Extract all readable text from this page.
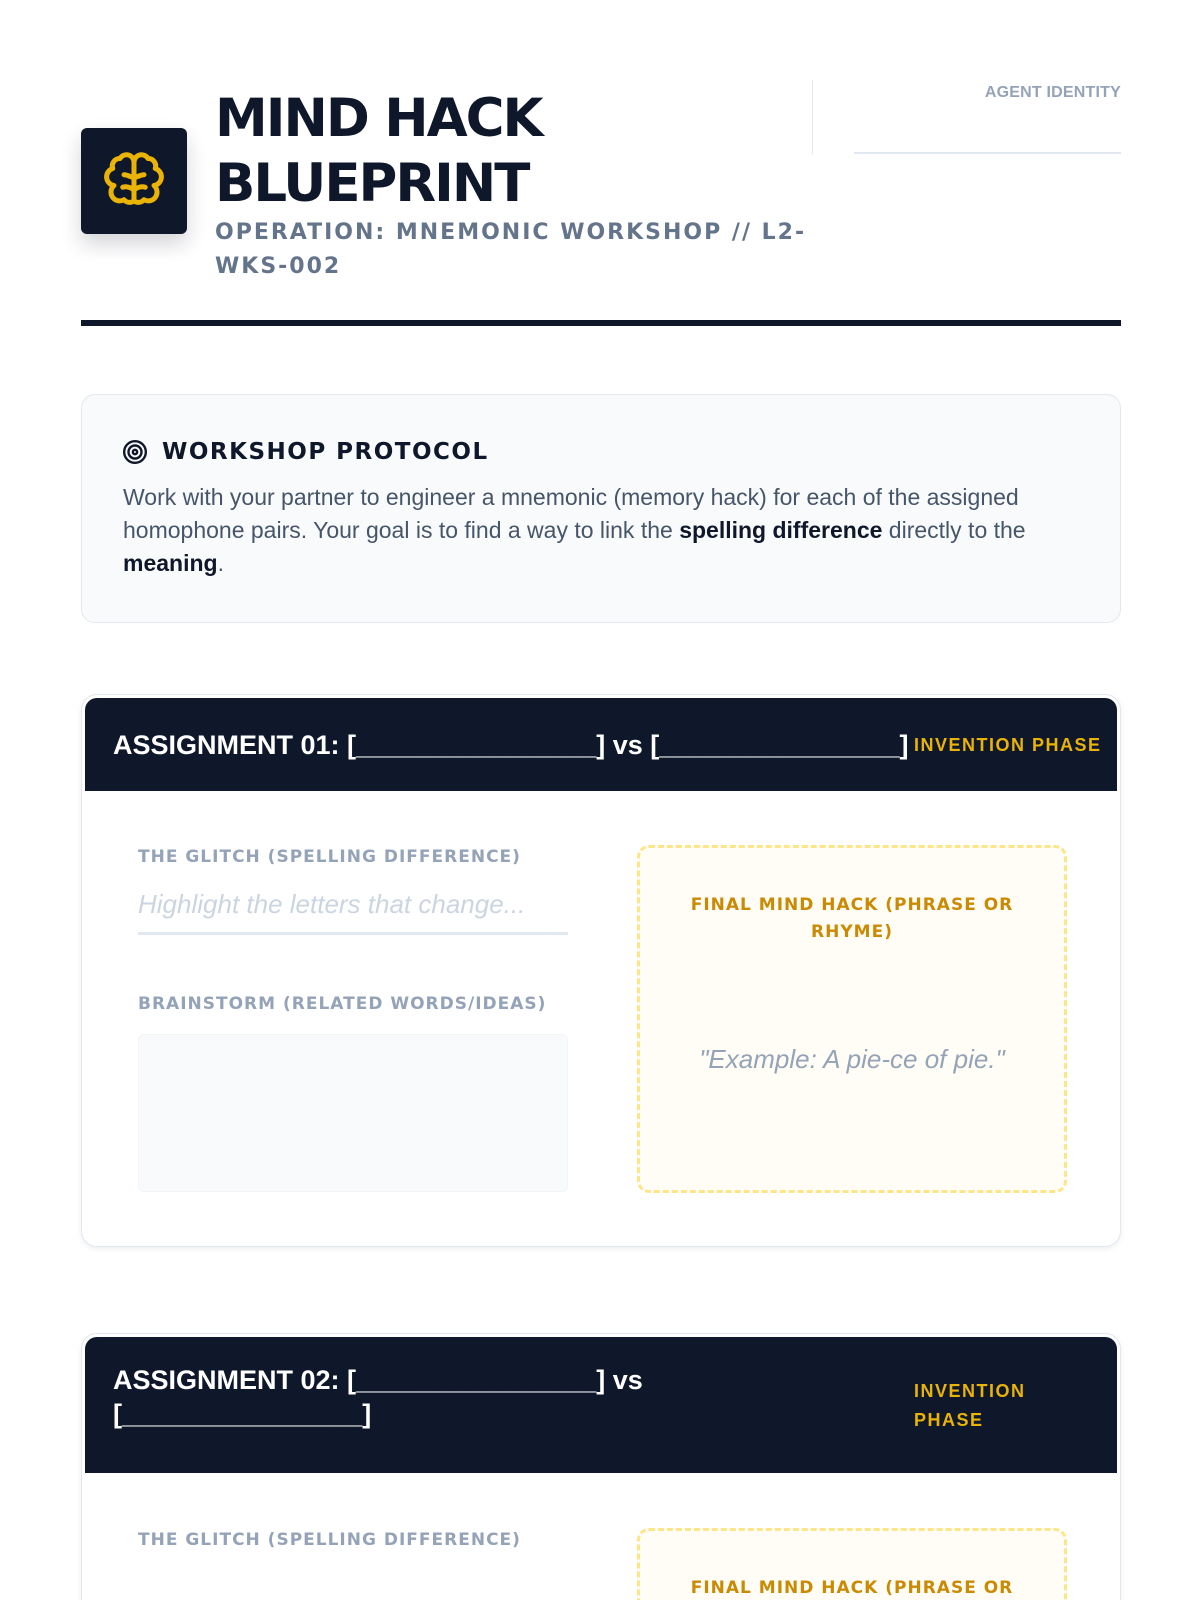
MIND HACK
BLUEPRINT
OPERATION: MNEMONIC WORKSHOP // L2-WKS-002
AGENT IDENTITY
WORKSHOP PROTOCOL
Work with your partner to engineer a mnemonic (memory hack) for each of the assigned homophone pairs. Your goal is to find a way to link the spelling difference directly to the meaning.
ASSIGNMENT 01: [________________] vs [________________] INVENTION PHASE
THE GLITCH (SPELLING DIFFERENCE)
Highlight the letters that change...
BRAINSTORM (RELATED WORDS/IDEAS)
FINAL MIND HACK (PHRASE OR RHYME)
"Example: A pie-ce of pie."
ASSIGNMENT 02: [________________] vs [________________]
INVENTION PHASE
THE GLITCH (SPELLING DIFFERENCE)
FINAL MIND HACK (PHRASE OR
